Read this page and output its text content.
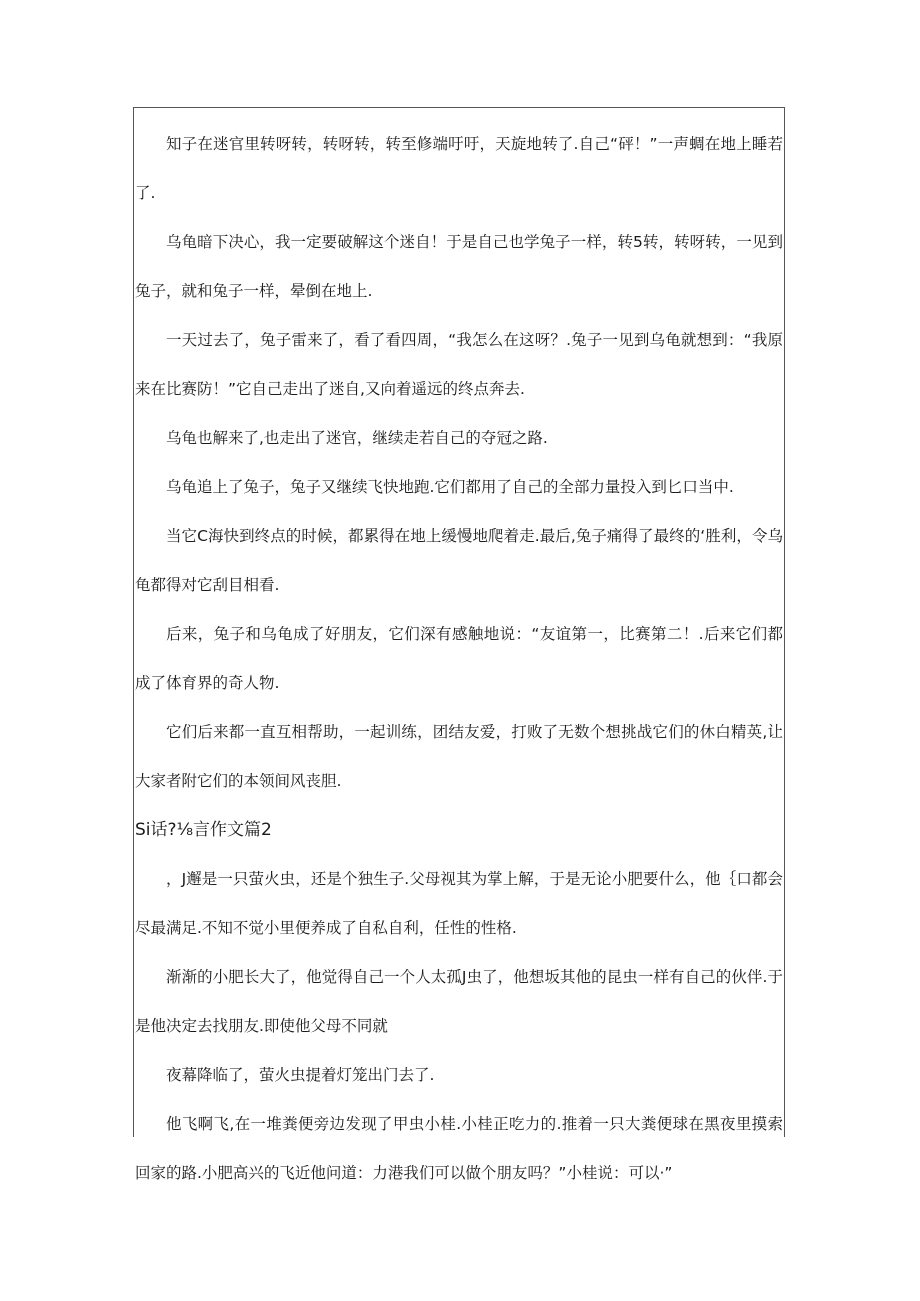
知子在迷官里转呀转，转呀转，转至修端吁吁，天旋地转了.自己“砰！”一声蜩在地上睡若了.

乌龟暗下决心，我一定要破解这个迷自！于是自己也学兔子一样，转5转，转呀转，一见到兔子，就和兔子一样，晕倒在地上.

一天过去了，兔子雷来了，看了看四周，“我怎么在这呀？.兔子一见到乌龟就想到：“我原来在比赛防！”它自己走出了迷自,又向着遥远的终点奔去.

乌龟也解来了,也走出了迷官，继续走若自己的夺冠之路.

乌龟追上了兔子，兔子又继续飞快地跑.它们都用了自己的全部力量投入到匕口当中.

当它C海快到终点的时候，都累得在地上缓慢地爬着走.最后,兔子痛得了最终的‘胜利，令乌龟都得对它刮目相看.

后来，兔子和乌龟成了好朋友，它们深有感触地说：“友谊第一，比赛第二！.后来它们都成了体育界的奇人物.

它们后来都一直互相帮助，一起训练，团结友爱，打败了无数个想挑战它们的休白精英,让大家者附它们的本领间风丧胆.

Si话?⅛言作文篇2

，J邂是一只萤火虫，还是个独生子.父母视其为掌上解，于是无论小肥要什么，他｛口都会尽最满足.不知不觉小里便养成了自私自利，任性的性格.

渐渐的小肥长大了，他觉得自己一个人太孤J虫了，他想坂其他的昆虫一样有自己的伙伴.于是他决定去找朋友.即使他父母不同就

夜幕降临了，萤火虫提着灯笼出门去了.

他飞啊飞,在一堆粪便旁边发现了甲虫小桂.小桂正吃力的.推着一只大粪便球在黑夜里摸索回家的路.小肥高兴的飞近他问道：力港我们可以做个朋友吗？”小桂说：可以·”
